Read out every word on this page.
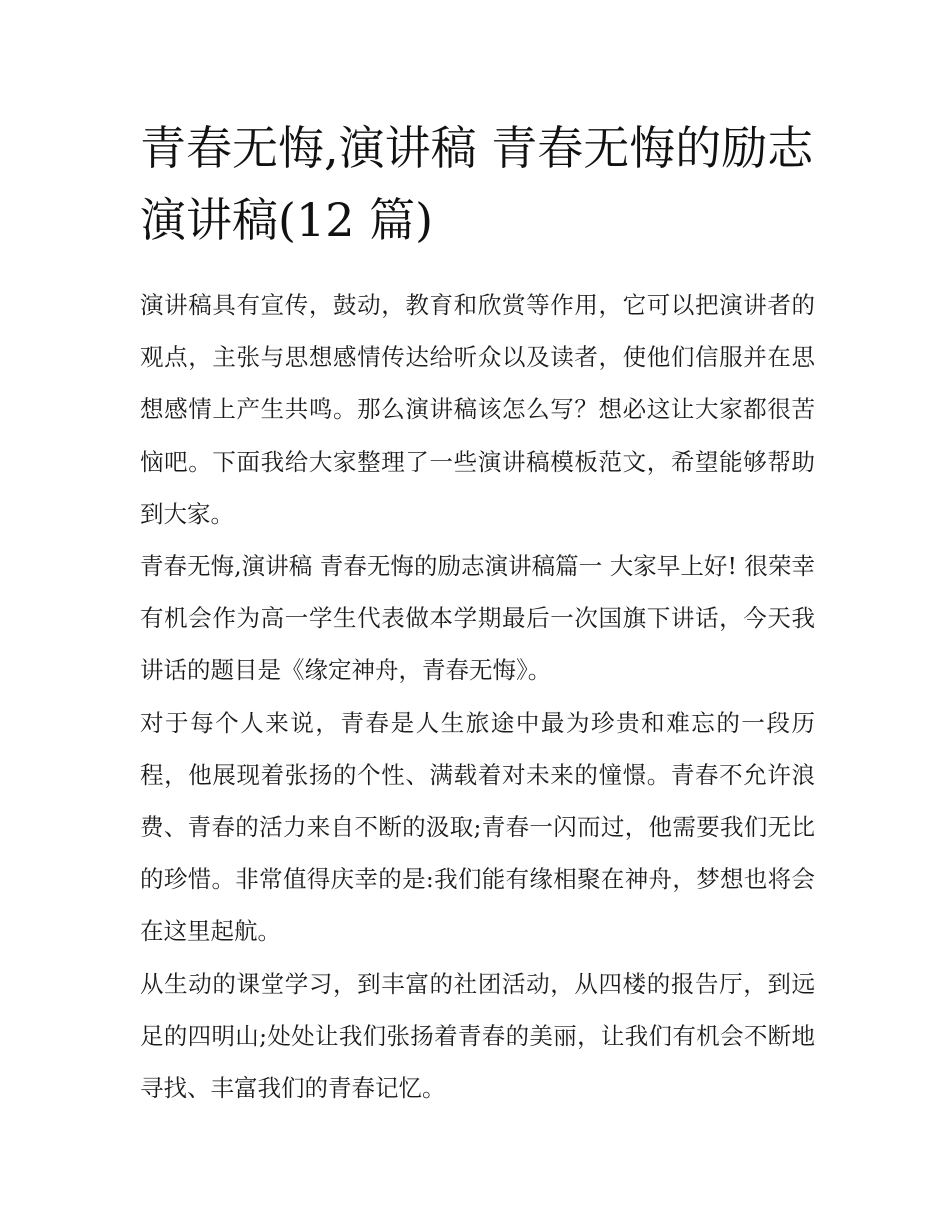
青春无悔,演讲稿 青春无悔的励志演讲稿(12 篇)

演讲稿具有宣传，鼓动，教育和欣赏等作用，它可以把演讲者的观点，主张与思想感情传达给听众以及读者，使他们信服并在思想感情上产生共鸣。那么演讲稿该怎么写？想必这让大家都很苦恼吧。下面我给大家整理了一些演讲稿模板范文，希望能够帮助到大家。

青春无悔,演讲稿 青春无悔的励志演讲稿篇一 大家早上好! 很荣幸有机会作为高一学生代表做本学期最后一次国旗下讲话，今天我讲话的题目是《缘定神舟，青春无悔》。

对于每个人来说，青春是人生旅途中最为珍贵和难忘的一段历程，他展现着张扬的个性、满载着对未来的憧憬。青春不允许浪费、青春的活力来自不断的汲取;青春一闪而过，他需要我们无比的珍惜。非常值得庆幸的是:我们能有缘相聚在神舟，梦想也将会在这里起航。

从生动的课堂学习，到丰富的社团活动，从四楼的报告厅，到远足的四明山;处处让我们张扬着青春的美丽，让我们有机会不断地寻找、丰富我们的青春记忆。
